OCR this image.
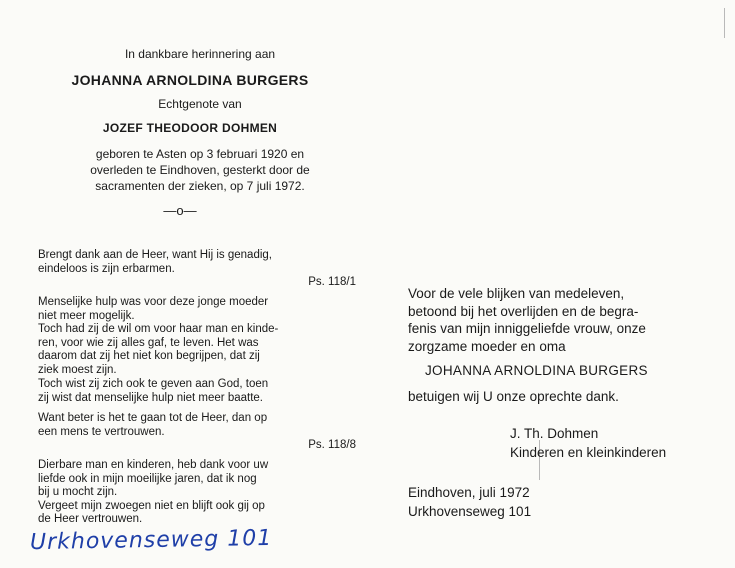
In dankbare herinnering aan
JOHANNA ARNOLDINA BURGERS
Echtgenote van
JOZEF THEODOOR DOHMEN
geboren te Asten op 3 februari 1920 en
overleden te Eindhoven, gesterkt door de
sacramenten der zieken, op 7 juli 1972.
—o—
Brengt dank aan de Heer, want Hij is genadig,
eindeloos is zijn erbarmen.
Ps. 118/1
Menselijke hulp was voor deze jonge moeder
niet meer mogelijk.
Toch had zij de wil om voor haar man en kinde-
ren, voor wie zij alles gaf, te leven. Het was
daarom dat zij het niet kon begrijpen, dat zij
ziek moest zijn.
Toch wist zij zich ook te geven aan God, toen
zij wist dat menselijke hulp niet meer baatte.
Want beter is het te gaan tot de Heer, dan op
een mens te vertrouwen.
Ps. 118/8
Dierbare man en kinderen, heb dank voor uw
liefde ook in mijn moeilijke jaren, dat ik nog
bij u mocht zijn.
Vergeet mijn zwoegen niet en blijft ook gij op
de Heer vertrouwen.
Urkhovenseweg 101
Voor de vele blijken van medeleven,
betoond bij het overlijden en de begra-
fenis van mijn inniggeliefde vrouw, onze
zorgzame moeder en oma
JOHANNA ARNOLDINA BURGERS
betuigen wij U onze oprechte dank.
J. Th. Dohmen
Kinderen en kleinkinderen
Eindhoven, juli 1972
Urkhovenseweg 101
